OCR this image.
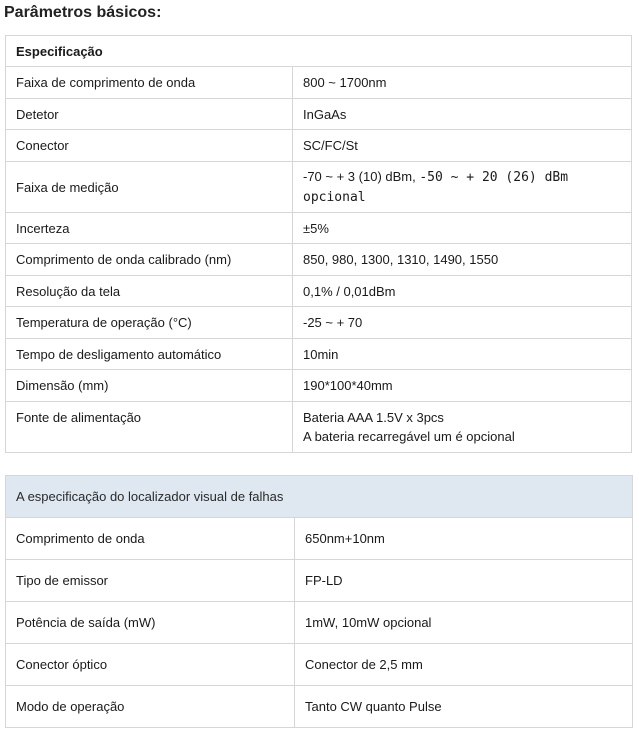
Parâmetros básicos:
Especificação	
Faixa de comprimento de onda	800 ~ 1700nm
Detetor	InGaAs
Conector	SC/FC/St
Faixa de medição	-70 ~ + 3 (10) dBm, -50 ~ + 20 (26) dBm
opcional
Incerteza	±5%
Comprimento de onda calibrado (nm)	850, 980, 1300, 1310, 1490, 1550
Resolução da tela	0,1% / 0,01dBm
Temperatura de operação (°C)	-25 ~ + 70
Tempo de desligamento automático	10min
Dimensão (mm)	190*100*40mm
Fonte de alimentação	Bateria AAA 1.5V x 3pcs
A bateria recarregável um é opcional
A especificação do localizador visual de falhas	
Comprimento de onda	650nm+10nm
Tipo de emissor	FP-LD
Potência de saída (mW)	1mW, 10mW opcional
Conector óptico	Conector de 2,5 mm
Modo de operação	Tanto CW quanto Pulse
